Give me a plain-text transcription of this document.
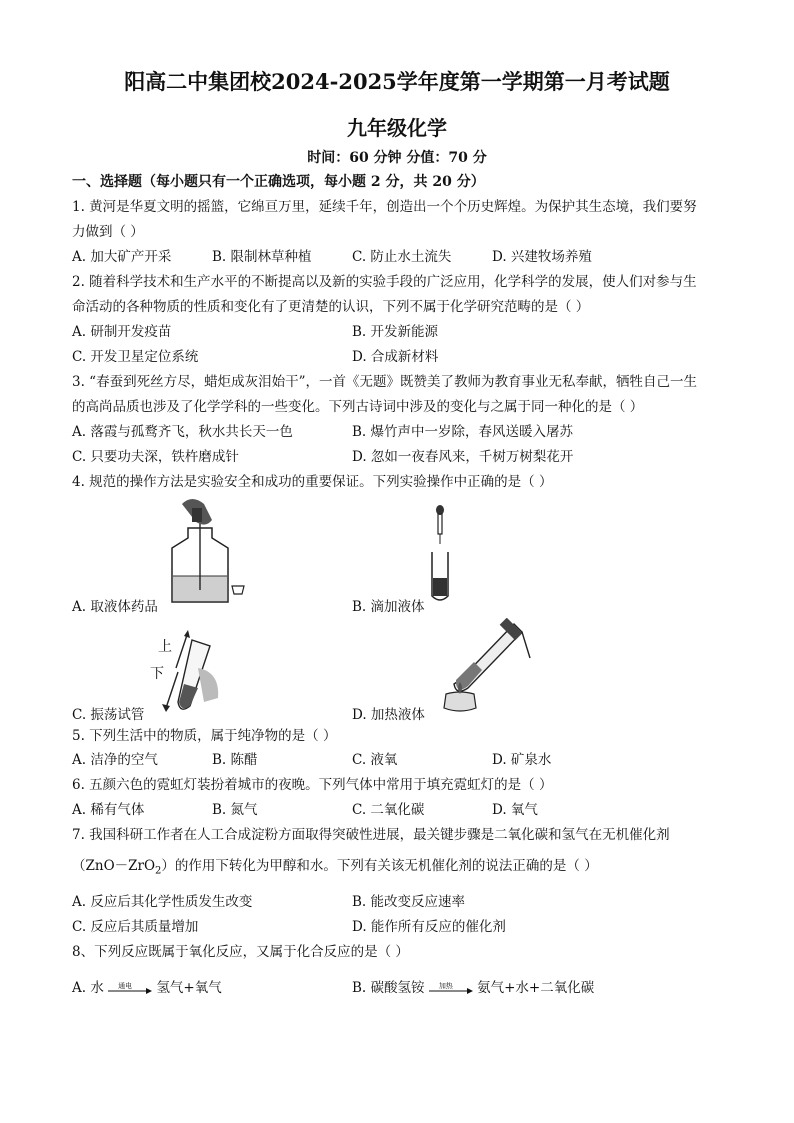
阳高二中集团校2024-2025学年度第一学期第一月考试题
九年级化学
时间：60 分钟 分值：70 分
一、选择题（每小题只有一个正确选项，每小题 2 分，共 20 分）
1. 黄河是华夏文明的摇篮，它绵亘万里，延续千年，创造出一个个历史辉煌。为保护其生态境，我们要努
力做到（ ）
A. 加大矿产开采	B. 限制林草种植	C. 防止水土流失	D. 兴建牧场养殖
2. 随着科学技术和生产水平的不断提高以及新的实验手段的广泛应用，化学科学的发展，使人们对参与生
命活动的各种物质的性质和变化有了更清楚的认识，下列不属于化学研究范畴的是（ ）
A. 研制开发疫苗	B. 开发新能源
C. 开发卫星定位系统	D. 合成新材料
3. “春蚕到死丝方尽，蜡炬成灰泪始干”，一首《无题》既赞美了教师为教育事业无私奉献，牺牲自己一生
的高尚品质也涉及了化学学科的一些变化。下列古诗词中涉及的变化与之属于同一种化的是（ ）
A. 落霞与孤鹜齐飞，秋水共长天一色	B. 爆竹声中一岁除，春风送暖入屠苏
C. 只要功夫深，铁杵磨成针	D. 忽如一夜春风来，千树万树梨花开
4. 规范的操作方法是实验安全和成功的重要保证。下列实验操作中正确的是（ ）
A. 取液体药品	B. 滴加液体
上
下
C. 振荡试管	D. 加热液体
5. 下列生活中的物质，属于纯净物的是（ ）
A. 洁净的空气	B. 陈醋	C. 液氧	D. 矿泉水
6. 五颜六色的霓虹灯装扮着城市的夜晚。下列气体中常用于填充霓虹灯的是（ ）
A. 稀有气体	B. 氮气	C. 二氧化碳	D. 氧气
7. 我国科研工作者在人工合成淀粉方面取得突破性进展，最关键步骤是二氧化碳和氢气在无机催化剂
（ZnO－ZrO$_2$）的作用下转化为甲醇和水。下列有关该无机催化剂的说法正确的是（ ）
A. 反应后其化学性质发生改变	B. 能改变反应速率
C. 反应后其质量增加	D. 能作所有反应的催化剂
8、下列反应既属于氧化反应，又属于化合反应的是（ ）
A. 水 通电 氢气+氧气	B. 碳酸氢铵 加热 氨气+水+二氧化碳
